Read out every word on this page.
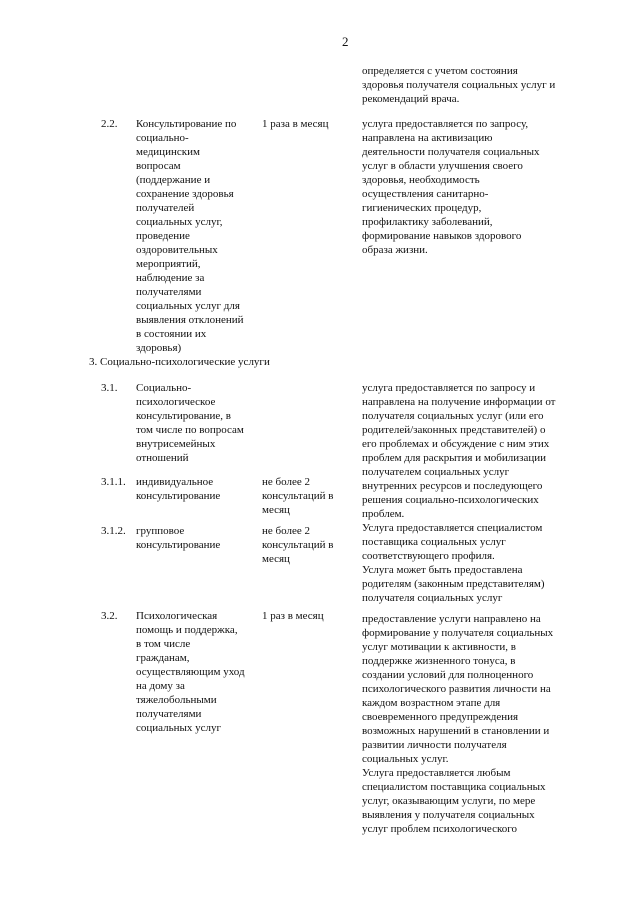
2
определяется с учетом состояния
здоровья получателя социальных услуг и
рекомендаций врача.
2.2. Консультирование по
социально-
медицинским
вопросам
(поддержание и
сохранение здоровья
получателей
социальных услуг,
проведение
оздоровительных
мероприятий,
наблюдение за
получателями
социальных услуг для
выявления отклонений
в состоянии их
здоровья)
1 раза в месяц	услуга предоставляется по запросу,
направлена на активизацию
деятельности получателя социальных
услуг в области улучшения своего
здоровья, необходимость
осуществления санитарно-
гигиенических процедур,
профилактику заболеваний,
формирование навыков здорового
образа жизни.
3. Социально-психологические услуги
3.1. Социально-
психологическое
консультирование, в
том числе по вопросам
внутрисемейных
отношений
услуга предоставляется по запросу и
направлена на получение информации от
получателя социальных услуг (или его
родителей/законных представителей) о
его проблемах и обсуждение с ним этих
проблем для раскрытия и мобилизации
получателем социальных услуг
внутренних ресурсов и последующего
решения социально-психологических
проблем.
Услуга предоставляется специалистом
поставщика социальных услуг
соответствующего профиля.
Услуга может быть предоставлена
родителям (законным представителям)
получателя социальных услуг
3.1.1. индивидуальное
консультирование
не более 2
консультаций в
месяц
3.1.2. групповое
консультирование
не более 2
консультаций в
месяц
3.2. Психологическая
помощь и поддержка,
в том числе
гражданам,
осуществляющим уход
на дому за
тяжелобольными
получателями
социальных услуг
1 раз в месяц	предоставление услуги направлено на
формирование у получателя социальных
услуг мотивации к активности, в
поддержке жизненного тонуса, в
создании условий для полноценного
психологического развития личности на
каждом возрастном этапе для
своевременного предупреждения
возможных нарушений в становлении и
развитии личности получателя
социальных услуг.
Услуга предоставляется любым
специалистом поставщика социальных
услуг, оказывающим услуги, по мере
выявления у получателя социальных
услуг проблем психологического
